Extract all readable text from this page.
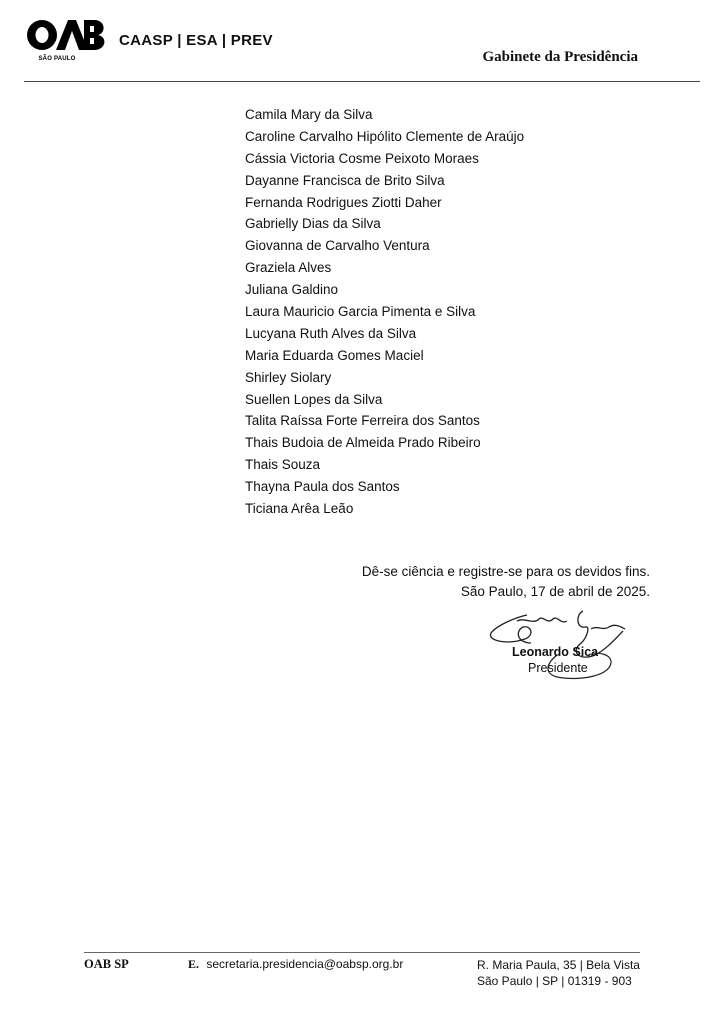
SÃO PAULO
CAASP | ESA | PREV
Gabinete da Presidência
Camila Mary da Silva
Caroline Carvalho Hipólito Clemente de Araújo
Cássia Victoria Cosme Peixoto Moraes
Dayanne Francisca de Brito Silva
Fernanda Rodrigues Ziotti Daher
Gabrielly Dias da Silva
Giovanna de Carvalho Ventura
Graziela Alves
Juliana Galdino
Laura Mauricio Garcia Pimenta e Silva
Lucyana Ruth Alves da Silva
Maria Eduarda Gomes Maciel
Shirley Siolary
Suellen Lopes da Silva
Talita Raíssa Forte Ferreira dos Santos
Thais Budoia de Almeida Prado Ribeiro
Thais Souza
Thayna Paula dos Santos
Ticiana Arêa Leão
Dê-se ciência e registre-se para os devidos fins.
São Paulo, 17 de abril de 2025.
Leonardo Sica
Presidente
OAB SP	E. secretaria.presidencia@oabsp.org.br	R. Maria Paula, 35 | Bela Vista
São Paulo | SP | 01319 - 903
